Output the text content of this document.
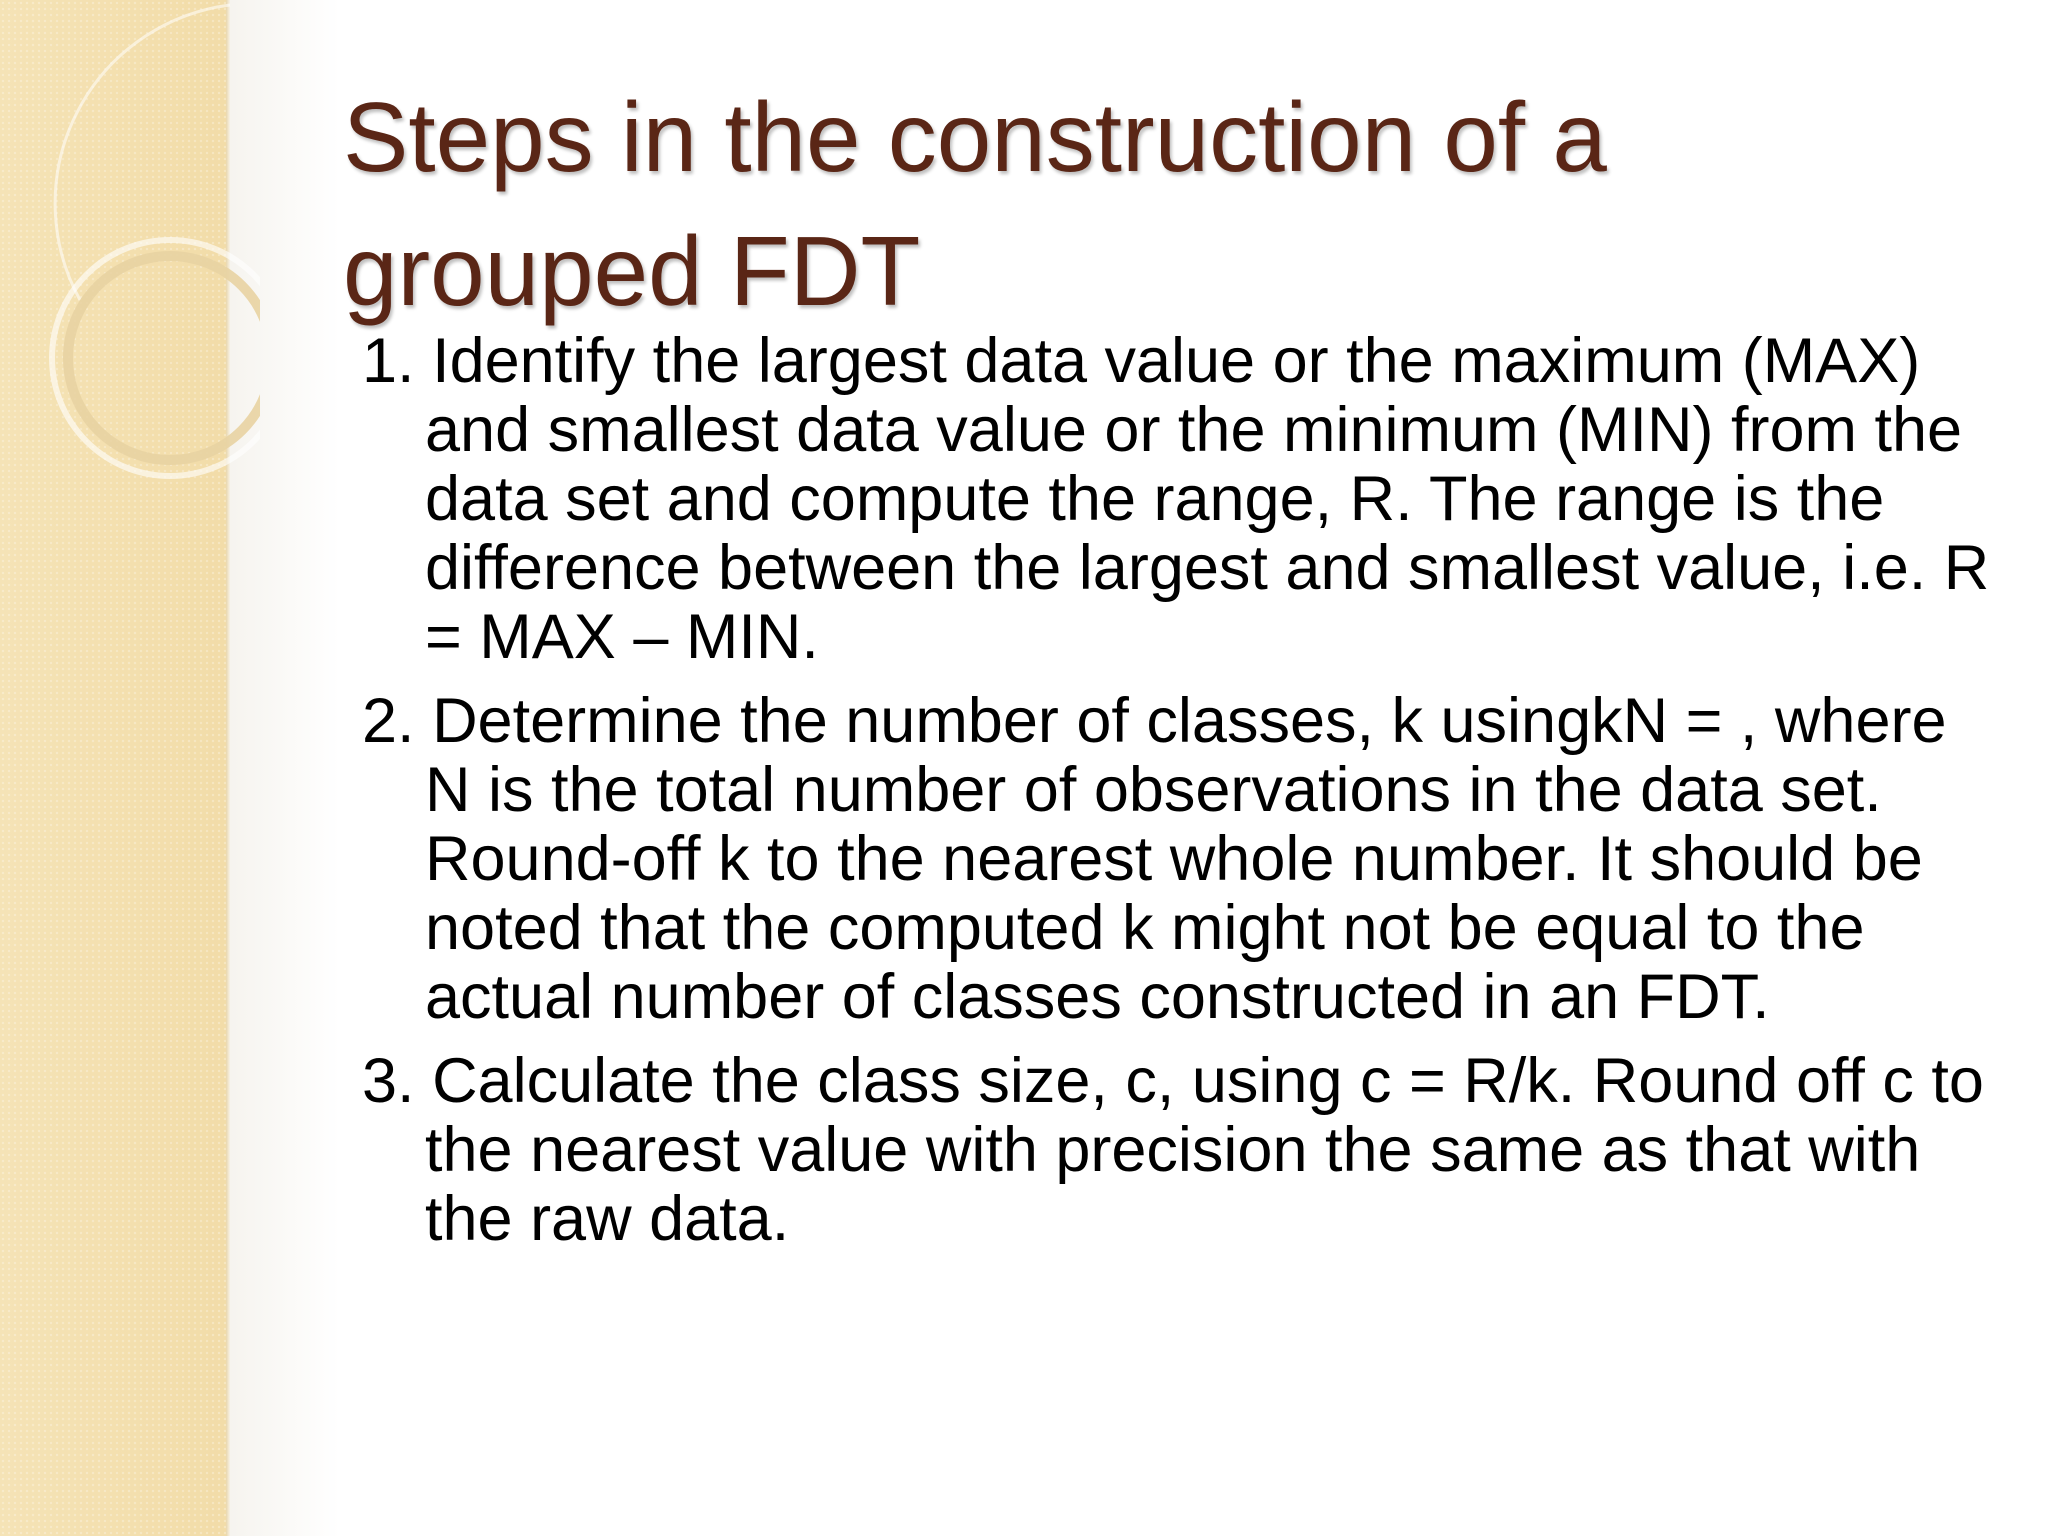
Steps in the construction of a grouped FDT
1. Identify the largest data value or the maximum (MAX) and smallest data value or the minimum (MIN) from the data set and compute the range, R. The range is the difference between the largest and smallest value, i.e. R = MAX – MIN.
2. Determine the number of classes, k usingkN = , where N is the total number of observations in the data set. Round-off k to the nearest whole number. It should be noted that the computed k might not be equal to the actual number of classes constructed in an FDT.
3. Calculate the class size, c, using c = R/k. Round off c to the nearest value with precision the same as that with the raw data.
